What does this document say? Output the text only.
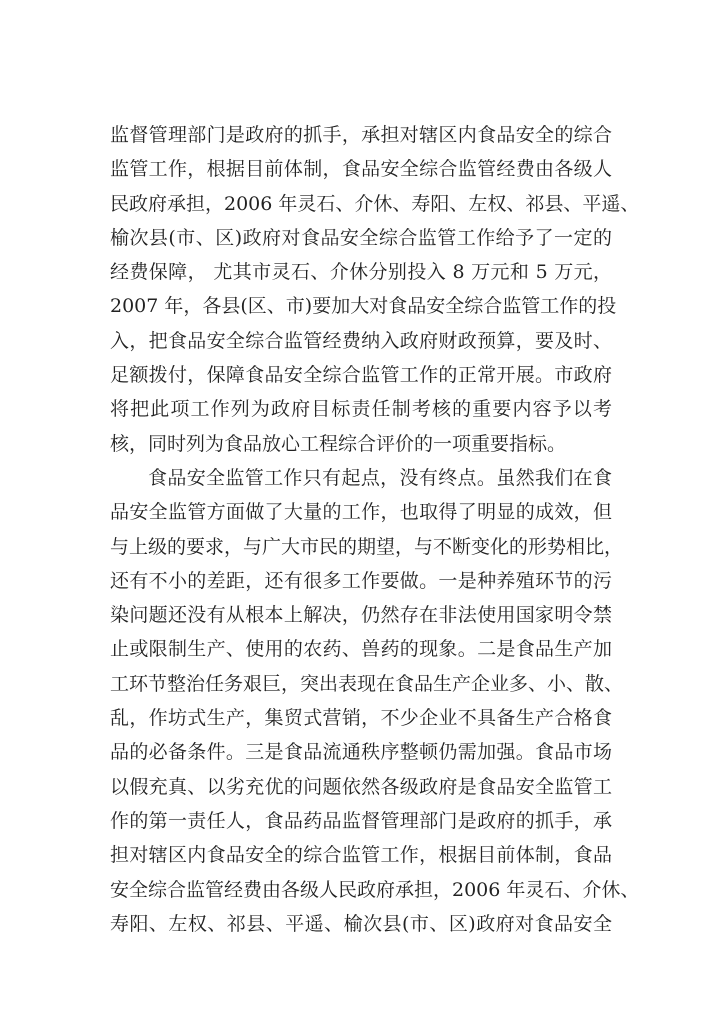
监督管理部门是政府的抓手，承担对辖区内食品安全的综合
监管工作，根据目前体制，食品安全综合监管经费由各级人
民政府承担，2006 年灵石、介休、寿阳、左权、祁县、平遥、
榆次县(市、区)政府对食品安全综合监管工作给予了一定的
经费保障， 尤其市灵石、介休分别投入 8 万元和 5 万元，
2007 年，各县(区、市)要加大对食品安全综合监管工作的投
入，把食品安全综合监管经费纳入政府财政预算，要及时、
足额拨付，保障食品安全综合监管工作的正常开展。市政府
将把此项工作列为政府目标责任制考核的重要内容予以考
核，同时列为食品放心工程综合评价的一项重要指标。
食品安全监管工作只有起点，没有终点。虽然我们在食
品安全监管方面做了大量的工作，也取得了明显的成效，但
与上级的要求，与广大市民的期望，与不断变化的形势相比，
还有不小的差距，还有很多工作要做。一是种养殖环节的污
染问题还没有从根本上解决，仍然存在非法使用国家明令禁
止或限制生产、使用的农药、兽药的现象。二是食品生产加
工环节整治任务艰巨，突出表现在食品生产企业多、小、散、
乱，作坊式生产，集贸式营销，不少企业不具备生产合格食
品的必备条件。三是食品流通秩序整顿仍需加强。食品市场
以假充真、以劣充优的问题依然各级政府是食品安全监管工
作的第一责任人，食品药品监督管理部门是政府的抓手，承
担对辖区内食品安全的综合监管工作，根据目前体制，食品
安全综合监管经费由各级人民政府承担，2006 年灵石、介休、
寿阳、左权、祁县、平遥、榆次县(市、区)政府对食品安全
